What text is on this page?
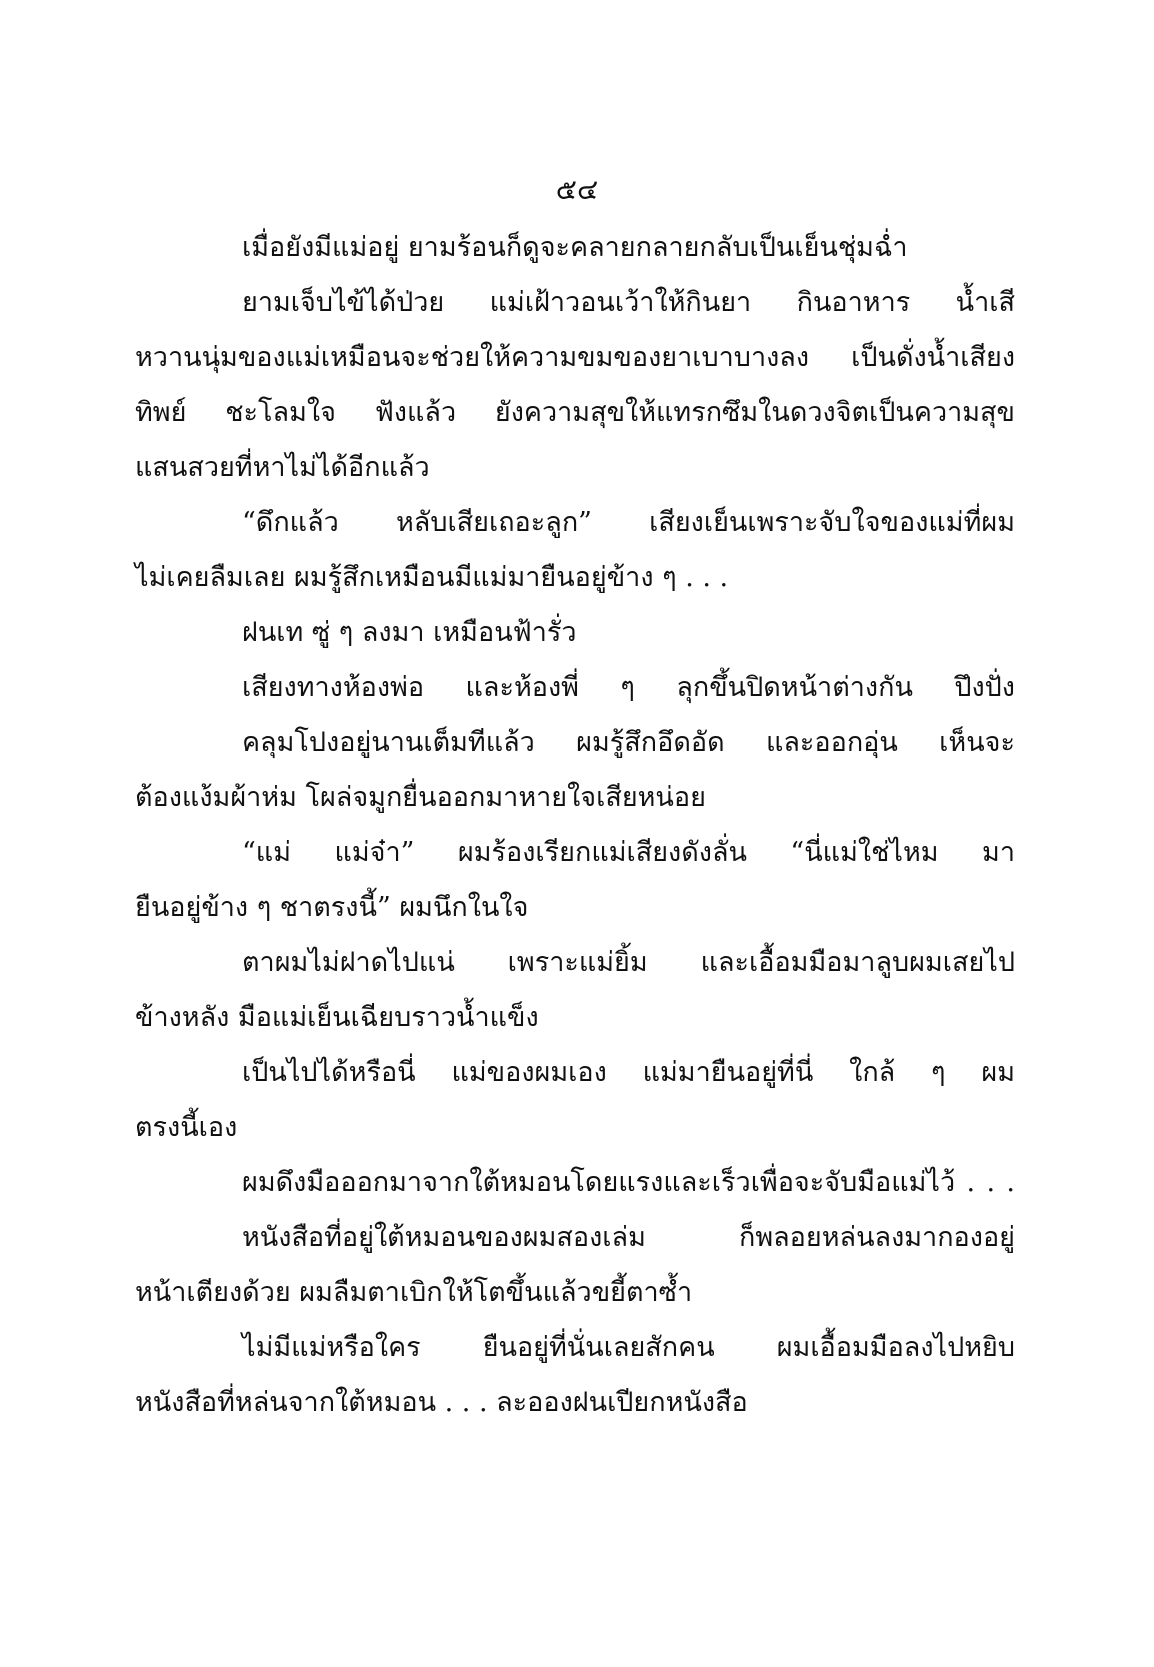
๕๔
เมื่อยังมีแม่อยู่ ยามร้อนก็ดูจะคลายกลายกลับเป็นเย็นชุ่มฉ่ำ
ยามเจ็บไข้ได้ป่วย แม่เฝ้าวอนเว้าให้กินยา กินอาหาร น้ำเสี
หวานนุ่มของแม่เหมือนจะช่วยให้ความขมของยาเบาบางลง เป็นดั่งน้ำเสียง
ทิพย์ ชะโลมใจ ฟังแล้ว ยังความสุขให้แทรกซึมในดวงจิตเป็นความสุข
แสนสวยที่หาไม่ได้อีกแล้ว
“ดึกแล้ว หลับเสียเถอะลูก” เสียงเย็นเพราะจับใจของแม่ที่ผม
ไม่เคยลืมเลย ผมรู้สึกเหมือนมีแม่มายืนอยู่ข้าง ๆ . . .
ฝนเท ซู่ ๆ ลงมา เหมือนฟ้ารั่ว
เสียงทางห้องพ่อ และห้องพี่ ๆ ลุกขึ้นปิดหน้าต่างกัน ปึงปั่ง
คลุมโปงอยู่นานเต็มทีแล้ว ผมรู้สึกอึดอัด และออกอุ่น เห็นจะ
ต้องแง้มผ้าห่ม โผล่จมูกยื่นออกมาหายใจเสียหน่อย
“แม่ แม่จ๋า” ผมร้องเรียกแม่เสียงดังลั่น “นี่แม่ใช่ไหม มา
ยืนอยู่ข้าง ๆ ชาตรงนี้” ผมนึกในใจ
ตาผมไม่ฝาดไปแน่ เพราะแม่ยิ้ม และเอื้อมมือมาลูบผมเสยไป
ข้างหลัง มือแม่เย็นเฉียบราวน้ำแข็ง
เป็นไปได้หรือนี่ แม่ของผมเอง แม่มายืนอยู่ที่นี่ ใกล้ ๆ ผม
ตรงนี้เอง
ผมดึงมือออกมาจากใต้หมอนโดยแรงและเร็วเพื่อจะจับมือแม่ไว้ . . .
หนังสือที่อยู่ใต้หมอนของผมสองเล่ม ก็พลอยหล่นลงมากองอยู่
หน้าเตียงด้วย ผมลืมตาเบิกให้โตขึ้นแล้วขยี้ตาซ้ำ
ไม่มีแม่หรือใคร ยืนอยู่ที่นั่นเลยสักคน ผมเอื้อมมือลงไปหยิบ
หนังสือที่หล่นจากใต้หมอน . . . ละอองฝนเปียกหนังสือ
